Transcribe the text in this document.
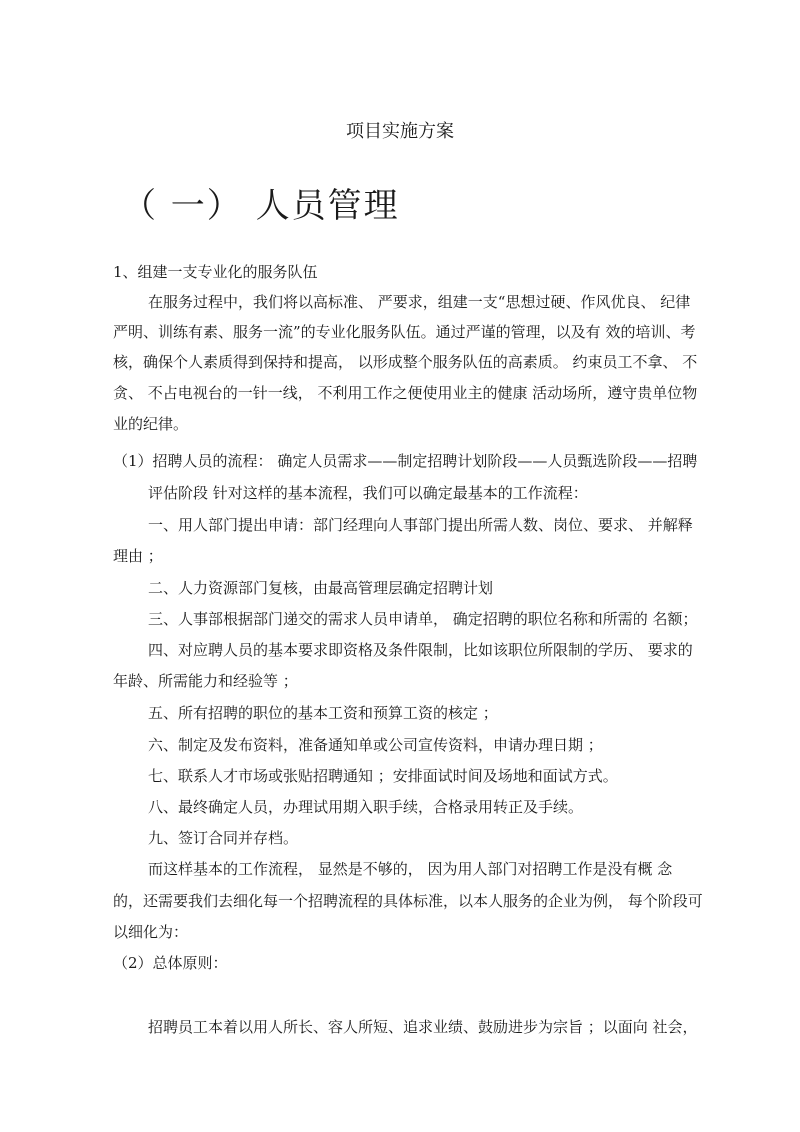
项目实施方案
（ 一） 人员管理
1、组建一支专业化的服务队伍
在服务过程中，我们将以高标准、 严要求，组建一支“思想过硬、作风优良、 纪律
严明、训练有素、服务一流”的专业化服务队伍。通过严谨的管理，以及有 效的培训、考
核，确保个人素质得到保持和提高， 以形成整个服务队伍的高素质。 约束员工不拿、 不
贪、 不占电视台的一针一线， 不利用工作之便使用业主的健康 活动场所，遵守贵单位物
业的纪律。
（1）招聘人员的流程： 确定人员需求——制定招聘计划阶段——人员甄选阶段——招聘
评估阶段 针对这样的基本流程，我们可以确定最基本的工作流程：
一、用人部门提出申请：部门经理向人事部门提出所需人数、岗位、要求、 并解释
理由 ；
二、人力资源部门复核，由最高管理层确定招聘计划
三、人事部根据部门递交的需求人员申请单， 确定招聘的职位名称和所需的 名额；
四、对应聘人员的基本要求即资格及条件限制，比如该职位所限制的学历、 要求的
年龄、所需能力和经验等 ；
五、所有招聘的职位的基本工资和预算工资的核定 ；
六、制定及发布资料，准备通知单或公司宣传资料，申请办理日期 ；
七、联系人才市场或张贴招聘通知 ；安排面试时间及场地和面试方式。
八、最终确定人员，办理试用期入职手续，合格录用转正及手续。
九、签订合同并存档。
而这样基本的工作流程， 显然是不够的， 因为用人部门对招聘工作是没有概 念
的，还需要我们去细化每一个招聘流程的具体标准，以本人服务的企业为例， 每个阶段可
以细化为：
（2）总体原则：
招聘员工本着以用人所长、容人所短、追求业绩、鼓励进步为宗旨 ；以面向 社会，
